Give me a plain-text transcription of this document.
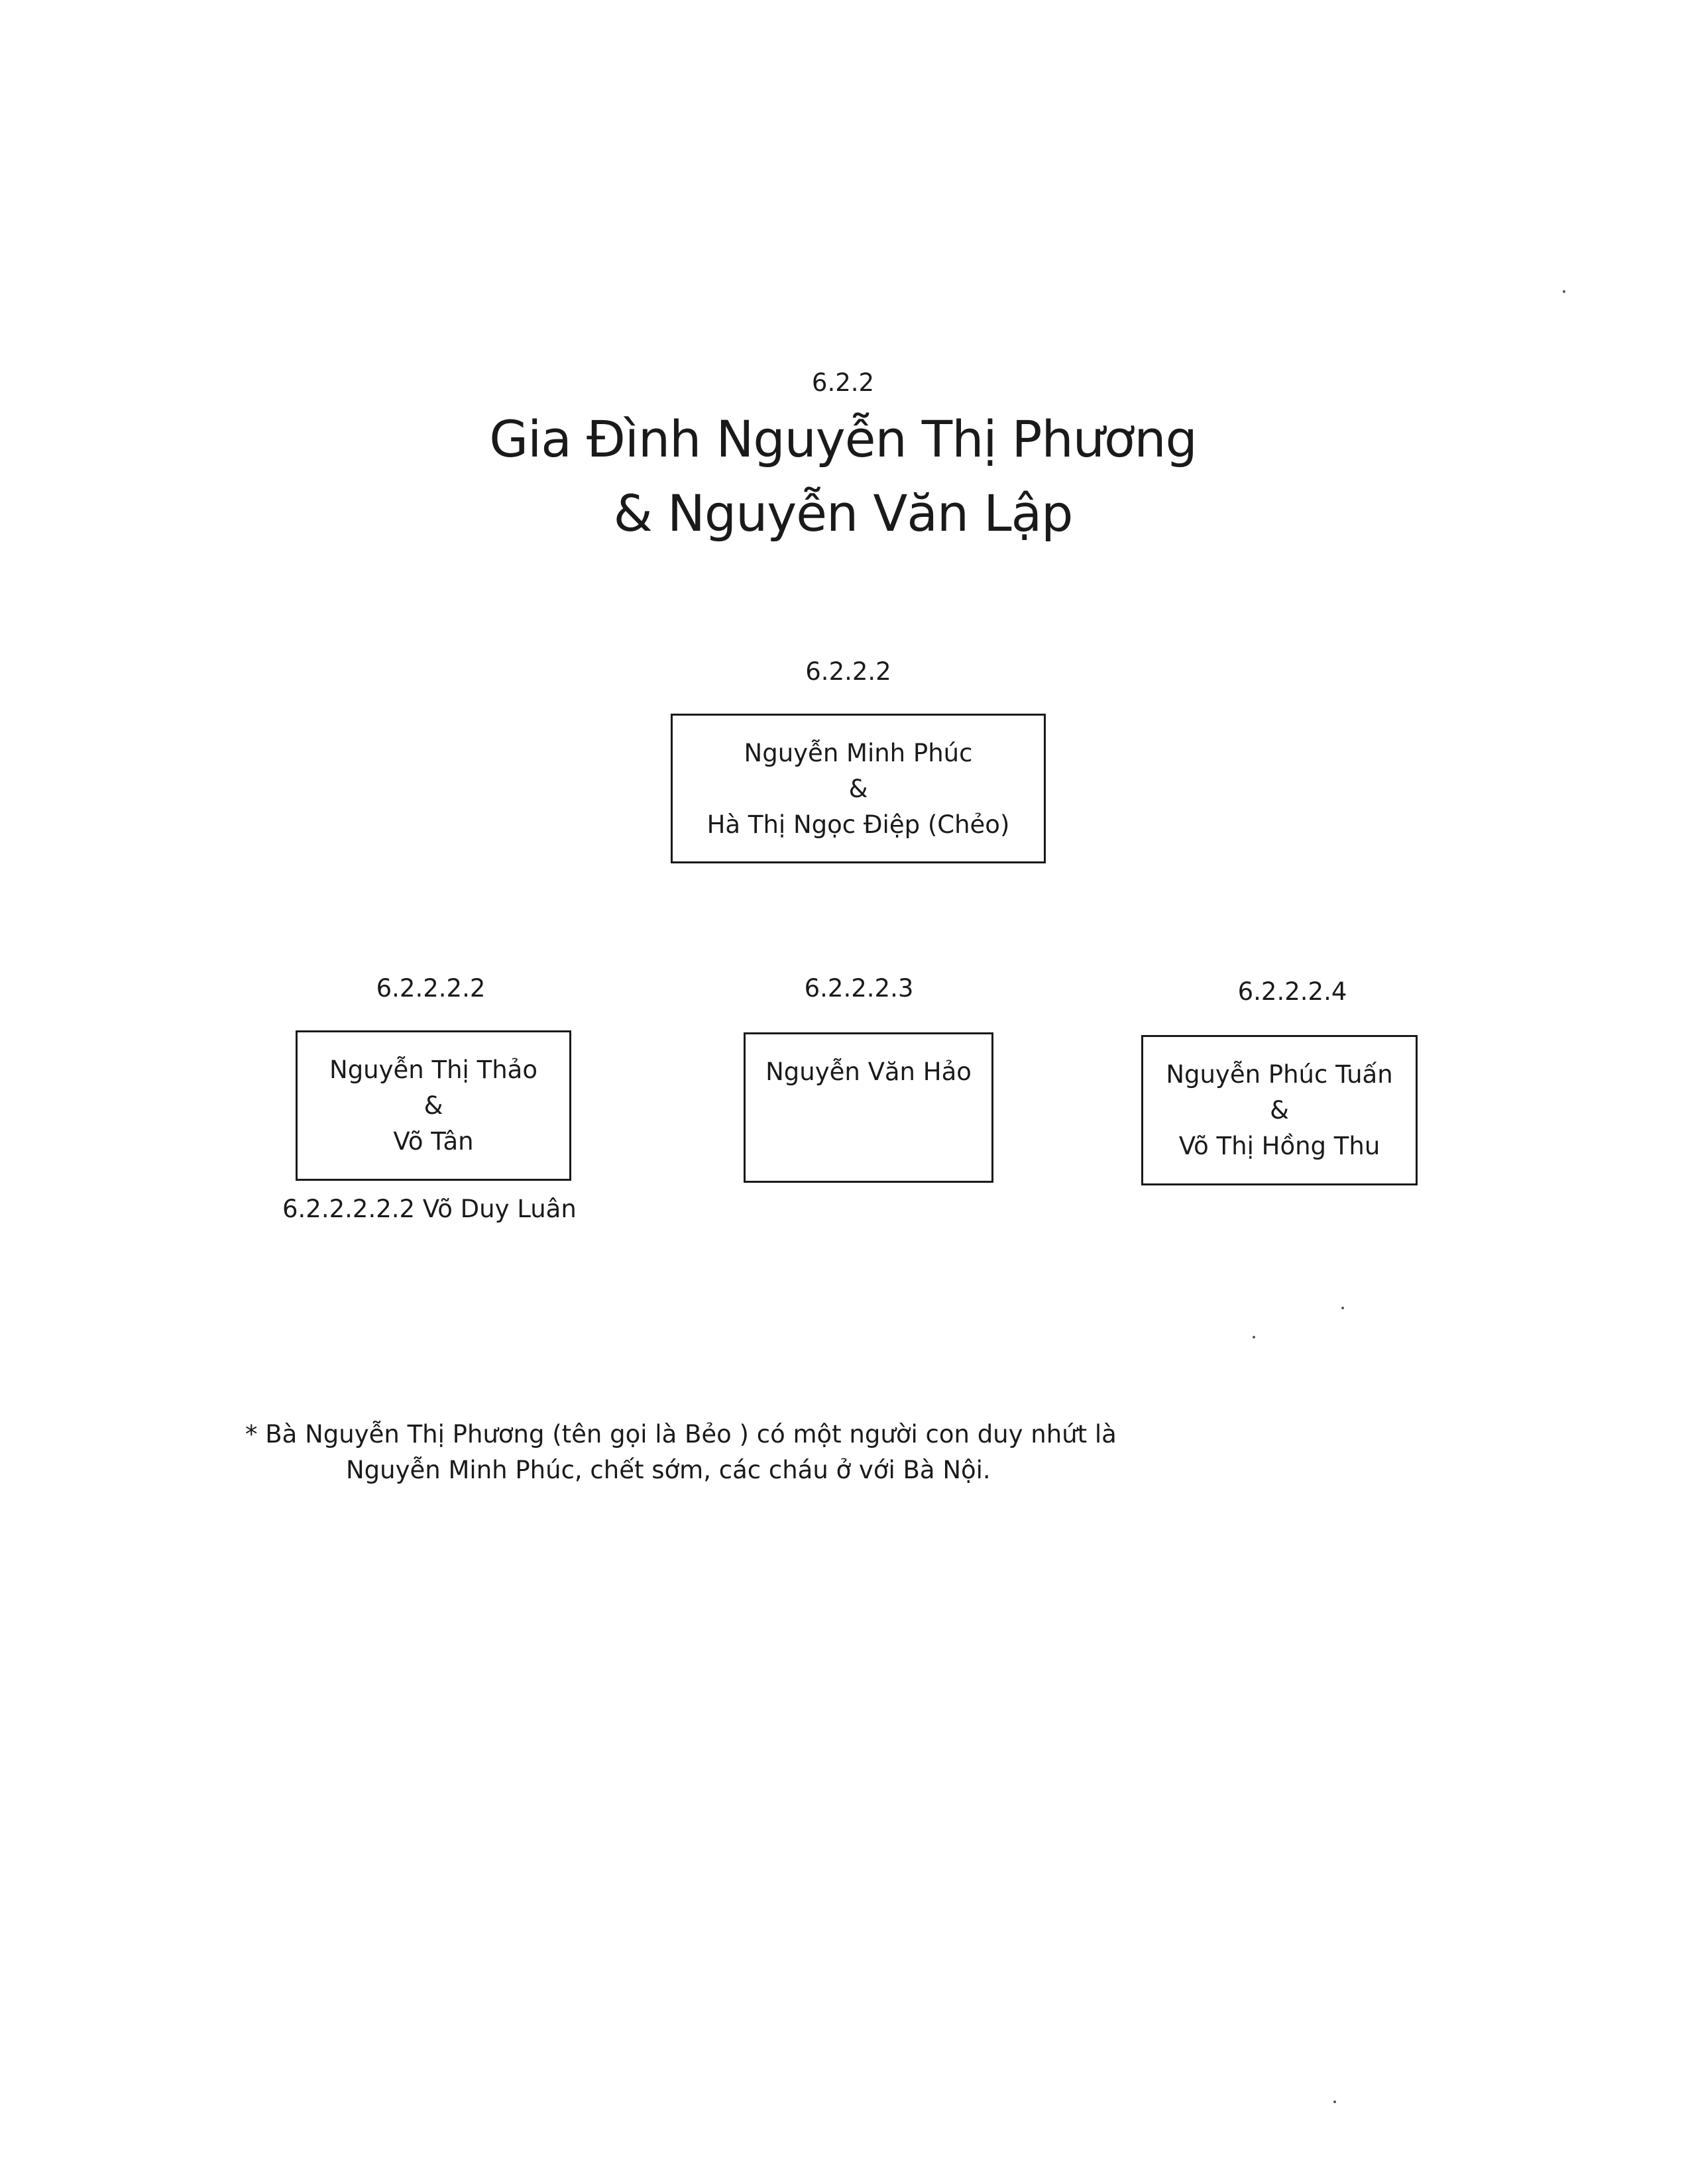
6.2.2
Gia Đình Nguyễn Thị Phương
& Nguyễn Văn Lập
6.2.2.2
Nguyễn Minh Phúc
&
Hà Thị Ngọc Điệp (Chẻo)
6.2.2.2.2
Nguyễn Thị Thảo
&
Võ Tân
6.2.2.2.2.2 Võ Duy Luân
6.2.2.2.3
Nguyễn Văn Hảo
6.2.2.2.4
Nguyễn Phúc Tuấn
&
Võ Thị Hồng Thu
* Bà Nguyễn Thị Phương (tên gọi là Bẻo ) có một người con duy nhứt là
Nguyễn Minh Phúc, chết sớm, các cháu ở với Bà Nội.
